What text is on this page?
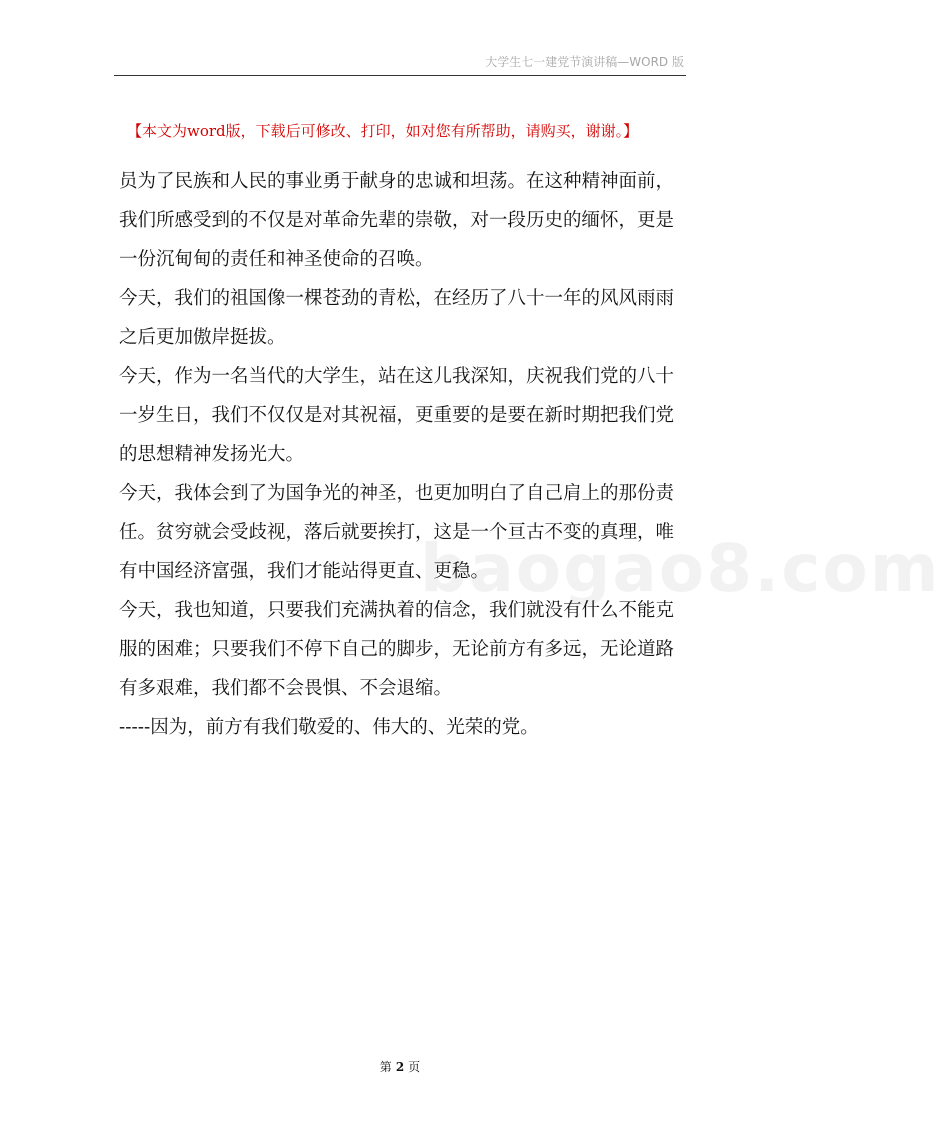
大学生七一建党节演讲稿—WORD 版
【本文为word版，下载后可修改、打印，如对您有所帮助，请购买，谢谢。】
baogao8.com

员为了民族和人民的事业勇于献身的忠诚和坦荡。在这种精神面前，我们所感受到的不仅是对革命先辈的崇敬，对一段历史的缅怀，更是一份沉甸甸的责任和神圣使命的召唤。

今天，我们的祖国像一棵苍劲的青松，在经历了八十一年的风风雨雨之后更加傲岸挺拔。

今天，作为一名当代的大学生，站在这儿我深知，庆祝我们党的八十一岁生日，我们不仅仅是对其祝福，更重要的是要在新时期把我们党的思想精神发扬光大。

今天，我体会到了为国争光的神圣，也更加明白了自己肩上的那份责任。贫穷就会受歧视，落后就要挨打，这是一个亘古不变的真理，唯有中国经济富强，我们才能站得更直、更稳。

今天，我也知道，只要我们充满执着的信念，我们就没有什么不能克服的困难；只要我们不停下自己的脚步，无论前方有多远，无论道路有多艰难，我们都不会畏惧、不会退缩。

-----因为，前方有我们敬爱的、伟大的、光荣的党。

第 2 页
